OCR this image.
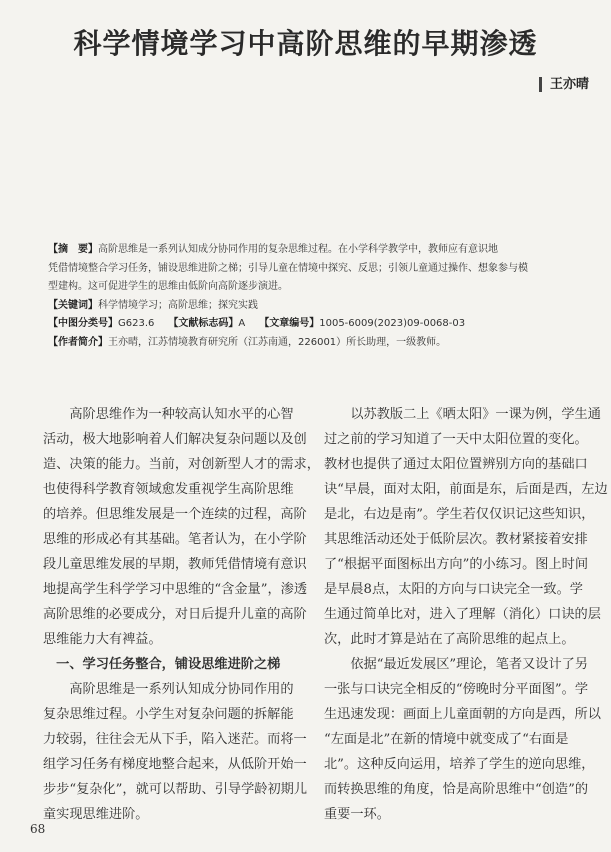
科学情境学习中高阶思维的早期渗透
王亦晴
【摘　要】高阶思维是一系列认知成分协同作用的复杂思维过程。在小学科学教学中，教师应有意识地
凭借情境整合学习任务，铺设思维进阶之梯；引导儿童在情境中探究、反思；引领儿童通过操作、想象参与模
型建构。这可促进学生的思维由低阶向高阶逐步演进。
【关键词】科学情境学习；高阶思维；探究实践
【中图分类号】G623.6 【文献标志码】A 【文章编号】1005-6009(2023)09-0068-03
【作者简介】王亦晴，江苏情境教育研究所（江苏南通，226001）所长助理，一级教师。

　　高阶思维作为一种较高认知水平的心智
活动，极大地影响着人们解决复杂问题以及创
造、决策的能力。当前，对创新型人才的需求，
也使得科学教育领域愈发重视学生高阶思维
的培养。但思维发展是一个连续的过程，高阶
思维的形成必有其基础。笔者认为，在小学阶
段儿童思维发展的早期，教师凭借情境有意识
地提高学生科学学习中思维的“含金量”，渗透
高阶思维的必要成分，对日后提升儿童的高阶
思维能力大有裨益。

　一、学习任务整合，铺设思维进阶之梯

　　高阶思维是一系列认知成分协同作用的
复杂思维过程。小学生对复杂问题的拆解能
力较弱，往往会无从下手，陷入迷茫。而将一
组学习任务有梯度地整合起来，从低阶开始一
步步“复杂化”，就可以帮助、引导学龄初期儿
童实现思维进阶。

　　以苏教版二上《晒太阳》一课为例，学生通
过之前的学习知道了一天中太阳位置的变化。
教材也提供了通过太阳位置辨别方向的基础口
诀“早晨，面对太阳，前面是东，后面是西，左边
是北，右边是南”。学生若仅仅识记这些知识，
其思维活动还处于低阶层次。教材紧接着安排
了“根据平面图标出方向”的小练习。图上时间
是早晨8点，太阳的方向与口诀完全一致。学
生通过简单比对，进入了理解（消化）口诀的层
次，此时才算是站在了高阶思维的起点上。

　　依据“最近发展区”理论，笔者又设计了另
一张与口诀完全相反的“傍晚时分平面图”。学
生迅速发现：画面上儿童面朝的方向是西，所以
“左面是北”在新的情境中就变成了“右面是
北”。这种反向运用，培养了学生的逆向思维，
而转换思维的角度，恰是高阶思维中“创造”的
重要一环。

68
